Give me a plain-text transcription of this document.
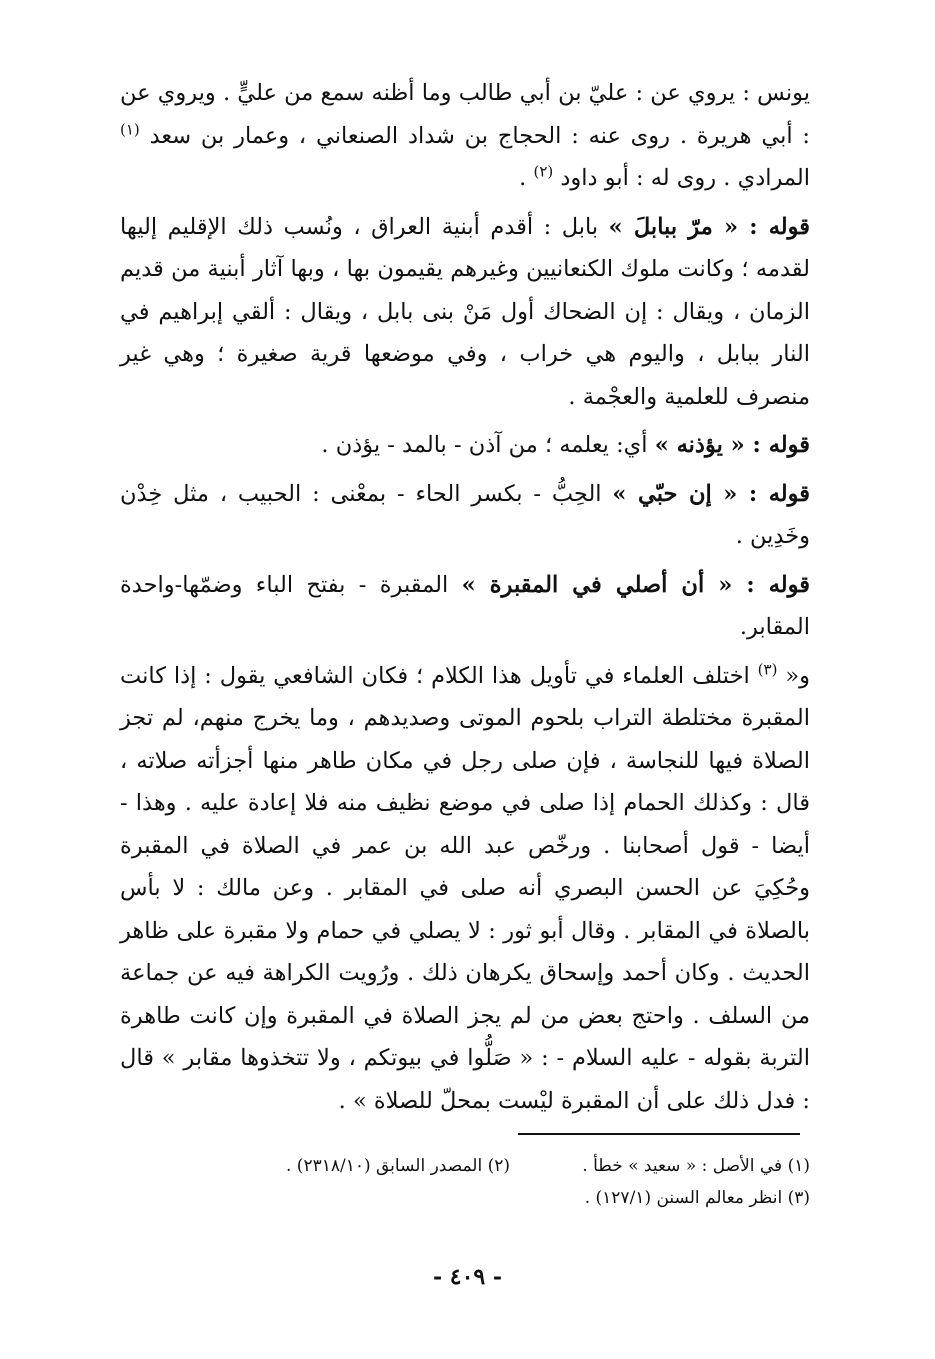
يونس : يروي عن : عليّ بن أبي طالب وما أظنه سمع من عليٍّ . ويروي عن : أبي هريرة . روى عنه : الحجاج بن شداد الصنعاني ، وعمار بن سعد $^{(١)}$ المرادي . روى له : أبو داود $^{(٢)}$ .

قوله : « مرّ ببابلَ » بابل : أقدم أبنية العراق ، ونُسب ذلك الإقليم إليها لقدمه ؛ وكانت ملوك الكنعانيين وغيرهم يقيمون بها ، وبها آثار أبنية من قديم الزمان ، ويقال : إن الضحاك أول مَنْ بنى بابل ، ويقال : ألقي إبراهيم في النار ببابل ، واليوم هي خراب ، وفي موضعها قرية صغيرة ؛ وهي غير منصرف للعلمية والعجْمة .

قوله : « يؤذنه » أي: يعلمه ؛ من آذن - بالمد - يؤذن .

قوله : « إن حبّي » الحِبُّ - بكسر الحاء - بمعْنى : الحبيب ، مثل خِدْن وخَدِين .

قوله : « أن أصلي في المقبرة » المقبرة - بفتح الباء وضمّها-واحدة المقابر.

و« $^{(٣)}$ اختلف العلماء في تأويل هذا الكلام ؛ فكان الشافعي يقول : إذا كانت المقبرة مختلطة التراب بلحوم الموتى وصديدهم ، وما يخرج منهم، لم تجز الصلاة فيها للنجاسة ، فإن صلى رجل في مكان طاهر منها أجزأته صلاته ، قال : وكذلك الحمام إذا صلى في موضع نظيف منه فلا إعادة عليه . وهذا - أيضا - قول أصحابنا . ورخّص عبد الله بن عمر في الصلاة في المقبرة وحُكِيَ عن الحسن البصري أنه صلى في المقابر . وعن مالك : لا بأس بالصلاة في المقابر . وقال أبو ثور : لا يصلي في حمام ولا مقبرة على ظاهر الحديث . وكان أحمد وإسحاق يكرهان ذلك . ورُويت الكراهة فيه عن جماعة من السلف . واحتج بعض من لم يجز الصلاة في المقبرة وإن كانت طاهرة التربة بقوله - عليه السلام - : « صَلُّوا في بيوتكم ، ولا تتخذوها مقابر » قال : فدل ذلك على أن المقبرة ليْست بمحلّ للصلاة » .

(١) في الأصل : « سعيد » خطأ .

(٢) المصدر السابق (٢٣١٨/١٠) .

(٣) انظر معالم السنن (١٢٧/١) .

- ٤٠٩ -
